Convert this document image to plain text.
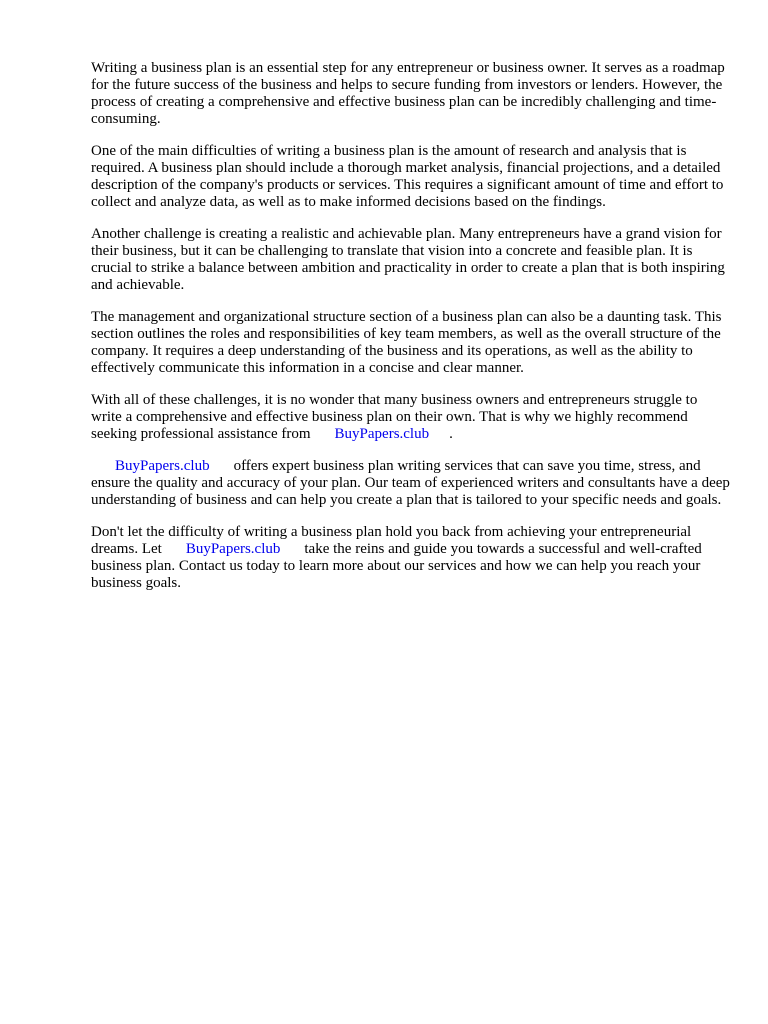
Writing a business plan is an essential step for any entrepreneur or business owner. It serves as a roadmap for the future success of the business and helps to secure funding from investors or lenders. However, the process of creating a comprehensive and effective business plan can be incredibly challenging and time-consuming.

One of the main difficulties of writing a business plan is the amount of research and analysis that is required. A business plan should include a thorough market analysis, financial projections, and a detailed description of the company's products or services. This requires a significant amount of time and effort to collect and analyze data, as well as to make informed decisions based on the findings.

Another challenge is creating a realistic and achievable plan. Many entrepreneurs have a grand vision for their business, but it can be challenging to translate that vision into a concrete and feasible plan. It is crucial to strike a balance between ambition and practicality in order to create a plan that is both inspiring and achievable.

The management and organizational structure section of a business plan can also be a daunting task. This section outlines the roles and responsibilities of key team members, as well as the overall structure of the company. It requires a deep understanding of the business and its operations, as well as the ability to effectively communicate this information in a concise and clear manner.

With all of these challenges, it is no wonder that many business owners and entrepreneurs struggle to write a comprehensive and effective business plan on their own. That is why we highly recommend seeking professional assistance from BuyPapers.club .

BuyPapers.club offers expert business plan writing services that can save you time, stress, and ensure the quality and accuracy of your plan. Our team of experienced writers and consultants have a deep understanding of business and can help you create a plan that is tailored to your specific needs and goals.

Don't let the difficulty of writing a business plan hold you back from achieving your entrepreneurial dreams. Let BuyPapers.club take the reins and guide you towards a successful and well-crafted business plan. Contact us today to learn more about our services and how we can help you reach your business goals.
